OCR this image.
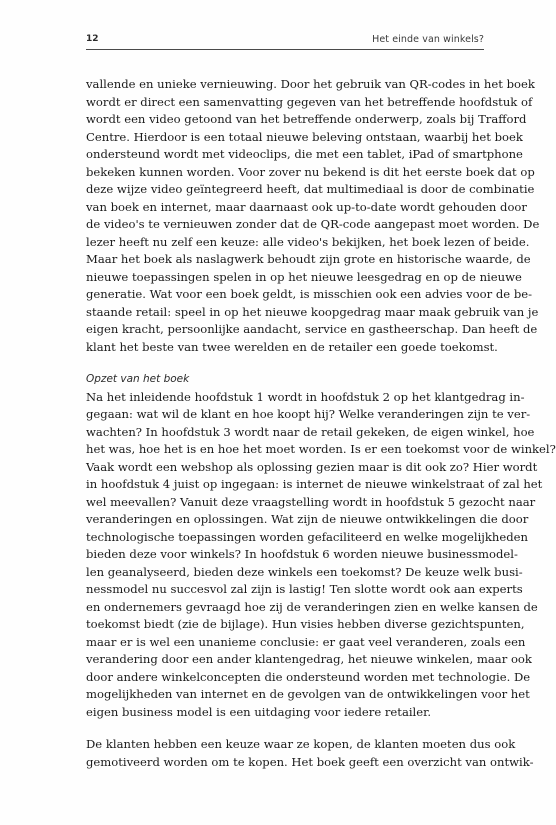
12	Het einde van winkels?
vallende en unieke vernieuwing. Door het gebruik van QR-codes in het boek
wordt er direct een samenvatting gegeven van het betreffende hoofdstuk of
wordt een video getoond van het betreffende onderwerp, zoals bij Trafford
Centre. Hierdoor is een totaal nieuwe beleving ontstaan, waarbij het boek
ondersteund wordt met videoclips, die met een tablet, iPad of smartphone
bekeken kunnen worden. Voor zover nu bekend is dit het eerste boek dat op
deze wijze video geïntegreerd heeft, dat multimediaal is door de combinatie
van boek en internet, maar daarnaast ook up-to-date wordt gehouden door
de video's te vernieuwen zonder dat de QR-code aangepast moet worden. De
lezer heeft nu zelf een keuze: alle video's bekijken, het boek lezen of beide.
Maar het boek als naslagwerk behoudt zijn grote en historische waarde, de
nieuwe toepassingen spelen in op het nieuwe leesgedrag en op de nieuwe
generatie. Wat voor een boek geldt, is misschien ook een advies voor de be-
staande retail: speel in op het nieuwe koopgedrag maar maak gebruik van je
eigen kracht, persoonlijke aandacht, service en gastheerschap. Dan heeft de
klant het beste van twee werelden en de retailer een goede toekomst.
Opzet van het boek
Na het inleidende hoofdstuk 1 wordt in hoofdstuk 2 op het klantgedrag in-
gegaan: wat wil de klant en hoe koopt hij? Welke veranderingen zijn te ver-
wachten? In hoofdstuk 3 wordt naar de retail gekeken, de eigen winkel, hoe
het was, hoe het is en hoe het moet worden. Is er een toekomst voor de winkel?
Vaak wordt een webshop als oplossing gezien maar is dit ook zo? Hier wordt
in hoofdstuk 4 juist op ingegaan: is internet de nieuwe winkelstraat of zal het
wel meevallen? Vanuit deze vraagstelling wordt in hoofdstuk 5 gezocht naar
veranderingen en oplossingen. Wat zijn de nieuwe ontwikkelingen die door
technologische toepassingen worden gefaciliteerd en welke mogelijkheden
bieden deze voor winkels? In hoofdstuk 6 worden nieuwe businessmodel-
len geanalyseerd, bieden deze winkels een toekomst? De keuze welk busi-
nessmodel nu succesvol zal zijn is lastig! Ten slotte wordt ook aan experts
en ondernemers gevraagd hoe zij de veranderingen zien en welke kansen de
toekomst biedt (zie de bijlage). Hun visies hebben diverse gezichtspunten,
maar er is wel een unanieme conclusie: er gaat veel veranderen, zoals een
verandering door een ander klantengedrag, het nieuwe winkelen, maar ook
door andere winkelconcepten die ondersteund worden met technologie. De
mogelijkheden van internet en de gevolgen van de ontwikkelingen voor het
eigen business model is een uitdaging voor iedere retailer.
De klanten hebben een keuze waar ze kopen, de klanten moeten dus ook
gemotiveerd worden om te kopen. Het boek geeft een overzicht van ontwik-
